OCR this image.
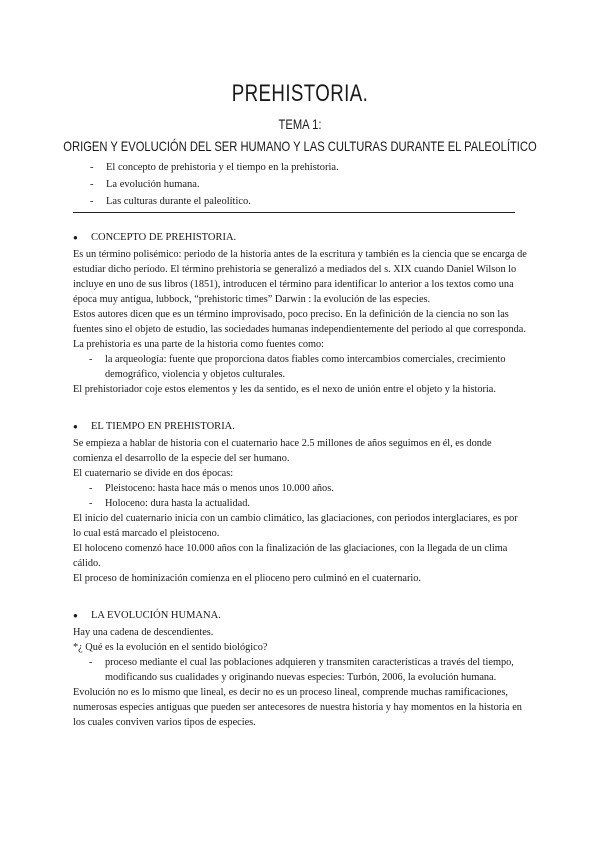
PREHISTORIA.
TEMA 1:
ORIGEN Y EVOLUCIÓN DEL SER HUMANO Y LAS CULTURAS DURANTE EL PALEOLÍTICO
- El concepto de prehistoria y el tiempo en la prehistoria.
- La evolución humana.
- Las culturas durante el paleolítico.
● CONCEPTO DE PREHISTORIA.

Es un término polisémico: periodo de la historia antes de la escritura y también es la ciencia que se encarga de estudiar dicho periodo. El término prehistoria se generalizó a mediados del s. XIX cuando Daniel Wilson lo incluye en uno de sus libros (1851), introducen el término para identificar lo anterior a los textos como una época muy antigua, lubbock, “prehistoric times” Darwin : la evolución de las especies.

Estos autores dicen que es un término improvisado, poco preciso. En la definición de la ciencia no son las fuentes sino el objeto de estudio, las sociedades humanas independientemente del periodo al que corresponda. La prehistoria es una parte de la historia como fuentes como:

- la arqueología: fuente que proporciona datos fiables como intercambios comerciales, crecimiento demográfico, violencia y objetos culturales.

El prehistoriador coje estos elementos y les da sentido, es el nexo de unión entre el objeto y la historia.

● EL TIEMPO EN PREHISTORIA.

Se empieza a hablar de historia con el cuaternario hace 2.5 millones de años seguimos en él, es donde comienza el desarrollo de la especie del ser humano.

El cuaternario se divide en dos épocas:

- Pleistoceno: hasta hace más o menos unos 10.000 años.
- Holoceno: dura hasta la actualidad.

El inicio del cuaternario inicia con un cambio climático, las glaciaciones, con periodos interglaciares, es por lo cual está marcado el pleistoceno.

El holoceno comenzó hace 10.000 años con la finalización de las glaciaciones, con la llegada de un clima cálido.

El proceso de hominización comienza en el plioceno pero culminó en el cuaternario.

● LA EVOLUCIÓN HUMANA.

Hay una cadena de descendientes.

*¿ Qué es la evolución en el sentido biológico?

- proceso mediante el cual las poblaciones adquieren y transmiten características a través del tiempo, modificando sus cualidades y originando nuevas especies: Turbón, 2006, la evolución humana.

Evolución no es lo mismo que lineal, es decir no es un proceso lineal, comprende muchas ramificaciones, numerosas especies antiguas que pueden ser antecesores de nuestra historia y hay momentos en la historia en los cuales conviven varios tipos de especies.
